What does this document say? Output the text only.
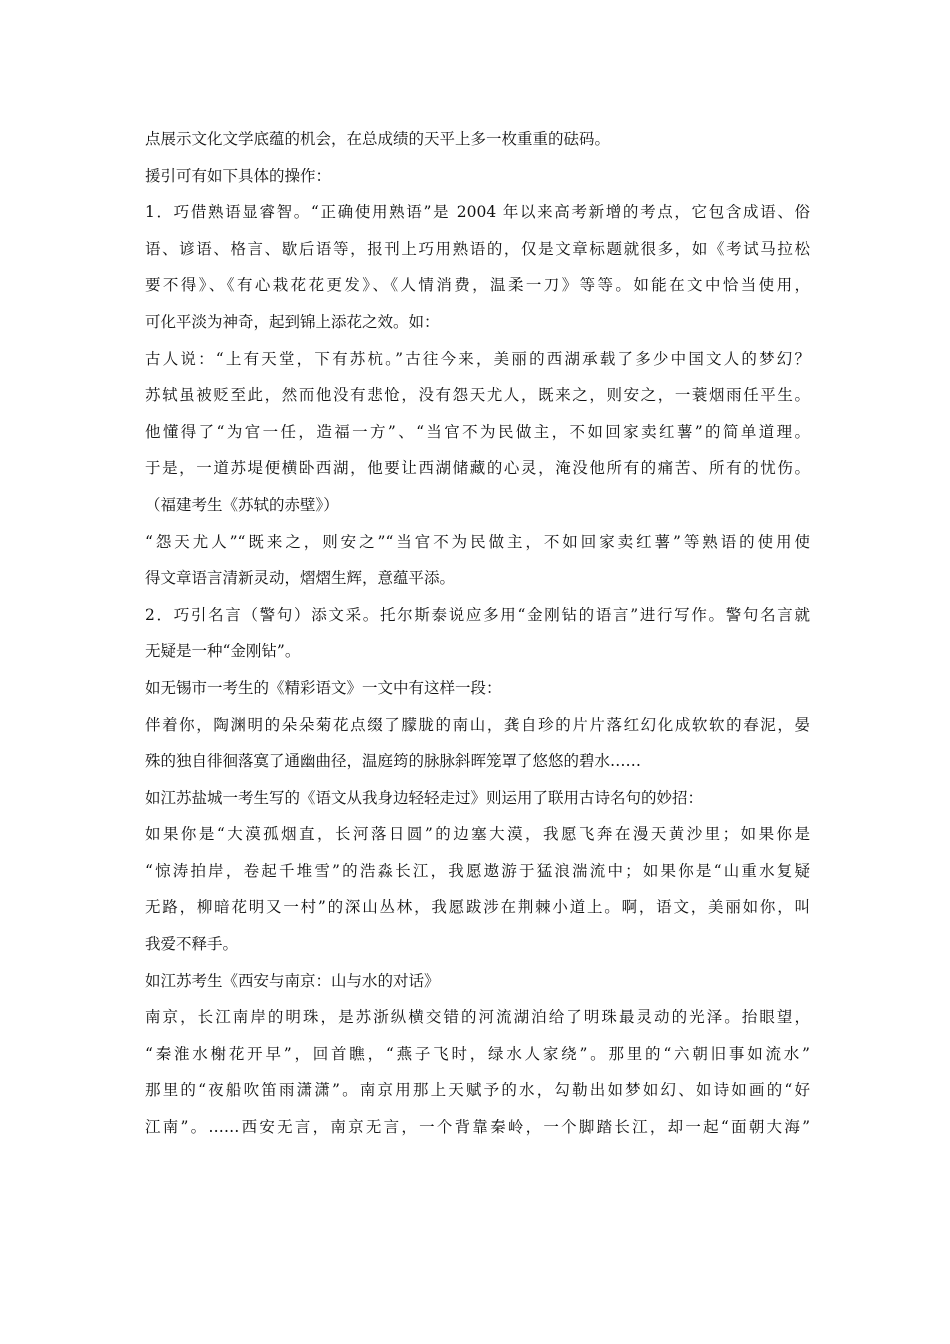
点展示文化文学底蕴的机会，在总成绩的天平上多一枚重重的砝码。
援引可有如下具体的操作：
1．巧借熟语显睿智。“正确使用熟语”是 2004 年以来高考新增的考点，它包含成语、俗
语、谚语、格言、歇后语等，报刊上巧用熟语的，仅是文章标题就很多，如《考试马拉松
要不得》、《有心栽花花更发》、《人情消费，温柔一刀》等等。如能在文中恰当使用，
可化平淡为神奇，起到锦上添花之效。如：
古人说：“上有天堂，下有苏杭。”古往今来，美丽的西湖承载了多少中国文人的梦幻？
苏轼虽被贬至此，然而他没有悲怆，没有怨天尤人，既来之，则安之，一蓑烟雨任平生。
他懂得了“为官一任，造福一方”、“当官不为民做主，不如回家卖红薯”的简单道理。
于是，一道苏堤便横卧西湖，他要让西湖储藏的心灵，淹没他所有的痛苦、所有的忧伤。
（福建考生《苏轼的赤壁》）
“怨天尤人”“既来之，则安之”“当官不为民做主，不如回家卖红薯”等熟语的使用使
得文章语言清新灵动，熠熠生辉，意蕴平添。
2．巧引名言（警句）添文采。托尔斯泰说应多用“金刚钻的语言”进行写作。警句名言就
无疑是一种“金刚钻”。
如无锡市一考生的《精彩语文》一文中有这样一段：
伴着你，陶渊明的朵朵菊花点缀了朦胧的南山，龚自珍的片片落红幻化成软软的春泥，晏
殊的独自徘徊落寞了通幽曲径，温庭筠的脉脉斜晖笼罩了悠悠的碧水……
如江苏盐城一考生写的《语文从我身边轻轻走过》则运用了联用古诗名句的妙招：
如果你是“大漠孤烟直，长河落日圆”的边塞大漠，我愿飞奔在漫天黄沙里；如果你是
“惊涛拍岸，卷起千堆雪”的浩淼长江，我愿遨游于猛浪湍流中；如果你是“山重水复疑
无路，柳暗花明又一村”的深山丛林，我愿跋涉在荆棘小道上。啊，语文，美丽如你，叫
我爱不释手。
如江苏考生《西安与南京：山与水的对话》
南京，长江南岸的明珠，是苏浙纵横交错的河流湖泊给了明珠最灵动的光泽。抬眼望，
“秦淮水榭花开早”，回首瞧，“燕子飞时，绿水人家绕”。那里的“六朝旧事如流水”
那里的“夜船吹笛雨潇潇”。南京用那上天赋予的水，勾勒出如梦如幻、如诗如画的“好
江南”。……西安无言，南京无言，一个背靠秦岭，一个脚踏长江，却一起“面朝大海”
